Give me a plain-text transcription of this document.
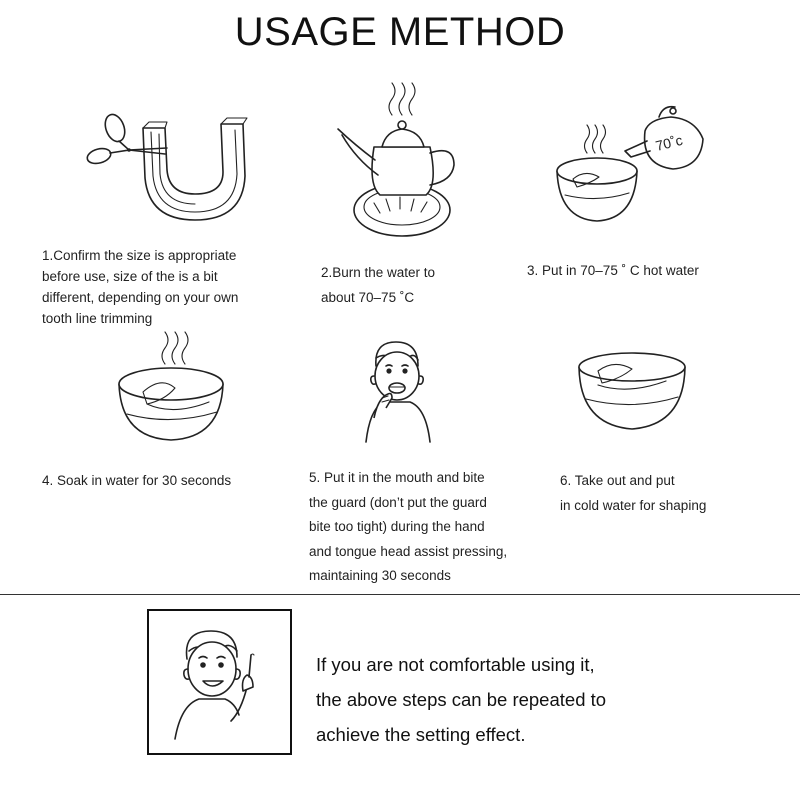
USAGE METHOD
1.Confirm the size is appropriate
before use, size of the is a bit
different, depending on your own
tooth line trimming
2.Burn the water to
about 70–75 ˚C
70˚c
3. Put in 70–75 ˚ C hot water
4. Soak in water for 30 seconds	5. Put it in the mouth and bite
the guard (don’t put the guard
bite too tight) during the hand
and tongue head assist pressing,
maintaining 30 seconds
6. Take out and put
in cold water for shaping
If you are not comfortable using it,
the above steps can be repeated to
achieve the setting effect.
